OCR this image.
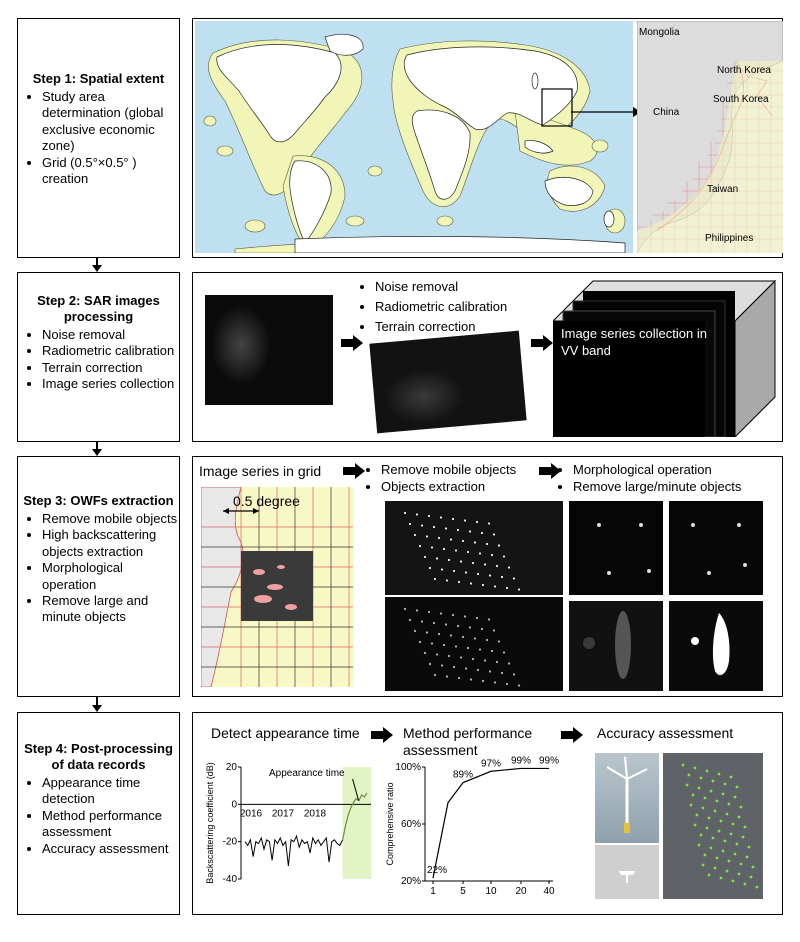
Step 1: Spatial extent
• Study area determination (global exclusive economic zone)
• Grid (0.5°×0.5° ) creation
Step 2: SAR images processing
• Noise removal
• Radiometric calibration
• Terrain correction
• Image series collection
Step 3: OWFs extraction
• Remove mobile objects
• High backscattering objects extraction
• Morphological operation
• Remove large and minute objects
Step 4: Post-processing of data records
• Appearance time detection
• Method performance assessment
• Accuracy assessment
Mongolia
North Korea
South Korea
China
Taiwan
Philippines
• Noise removal
• Radiometric calibration
• Terrain correction	Image series collection in VV band
Image series in grid
•	Remove mobile objects
• Objects extraction
• Morphological operation
• Remove large/minute objects
0.5 degree
Detect appearance time	Method performance assessment
Accuracy assessment
20
0
-20
-40
2016 2017 2018
Appearance time
Backscattering coefficient (dB)	100%
60%
20%
1 5 10 20 40
22%
89%
97% 99% 99%
Comprehensive ratio
